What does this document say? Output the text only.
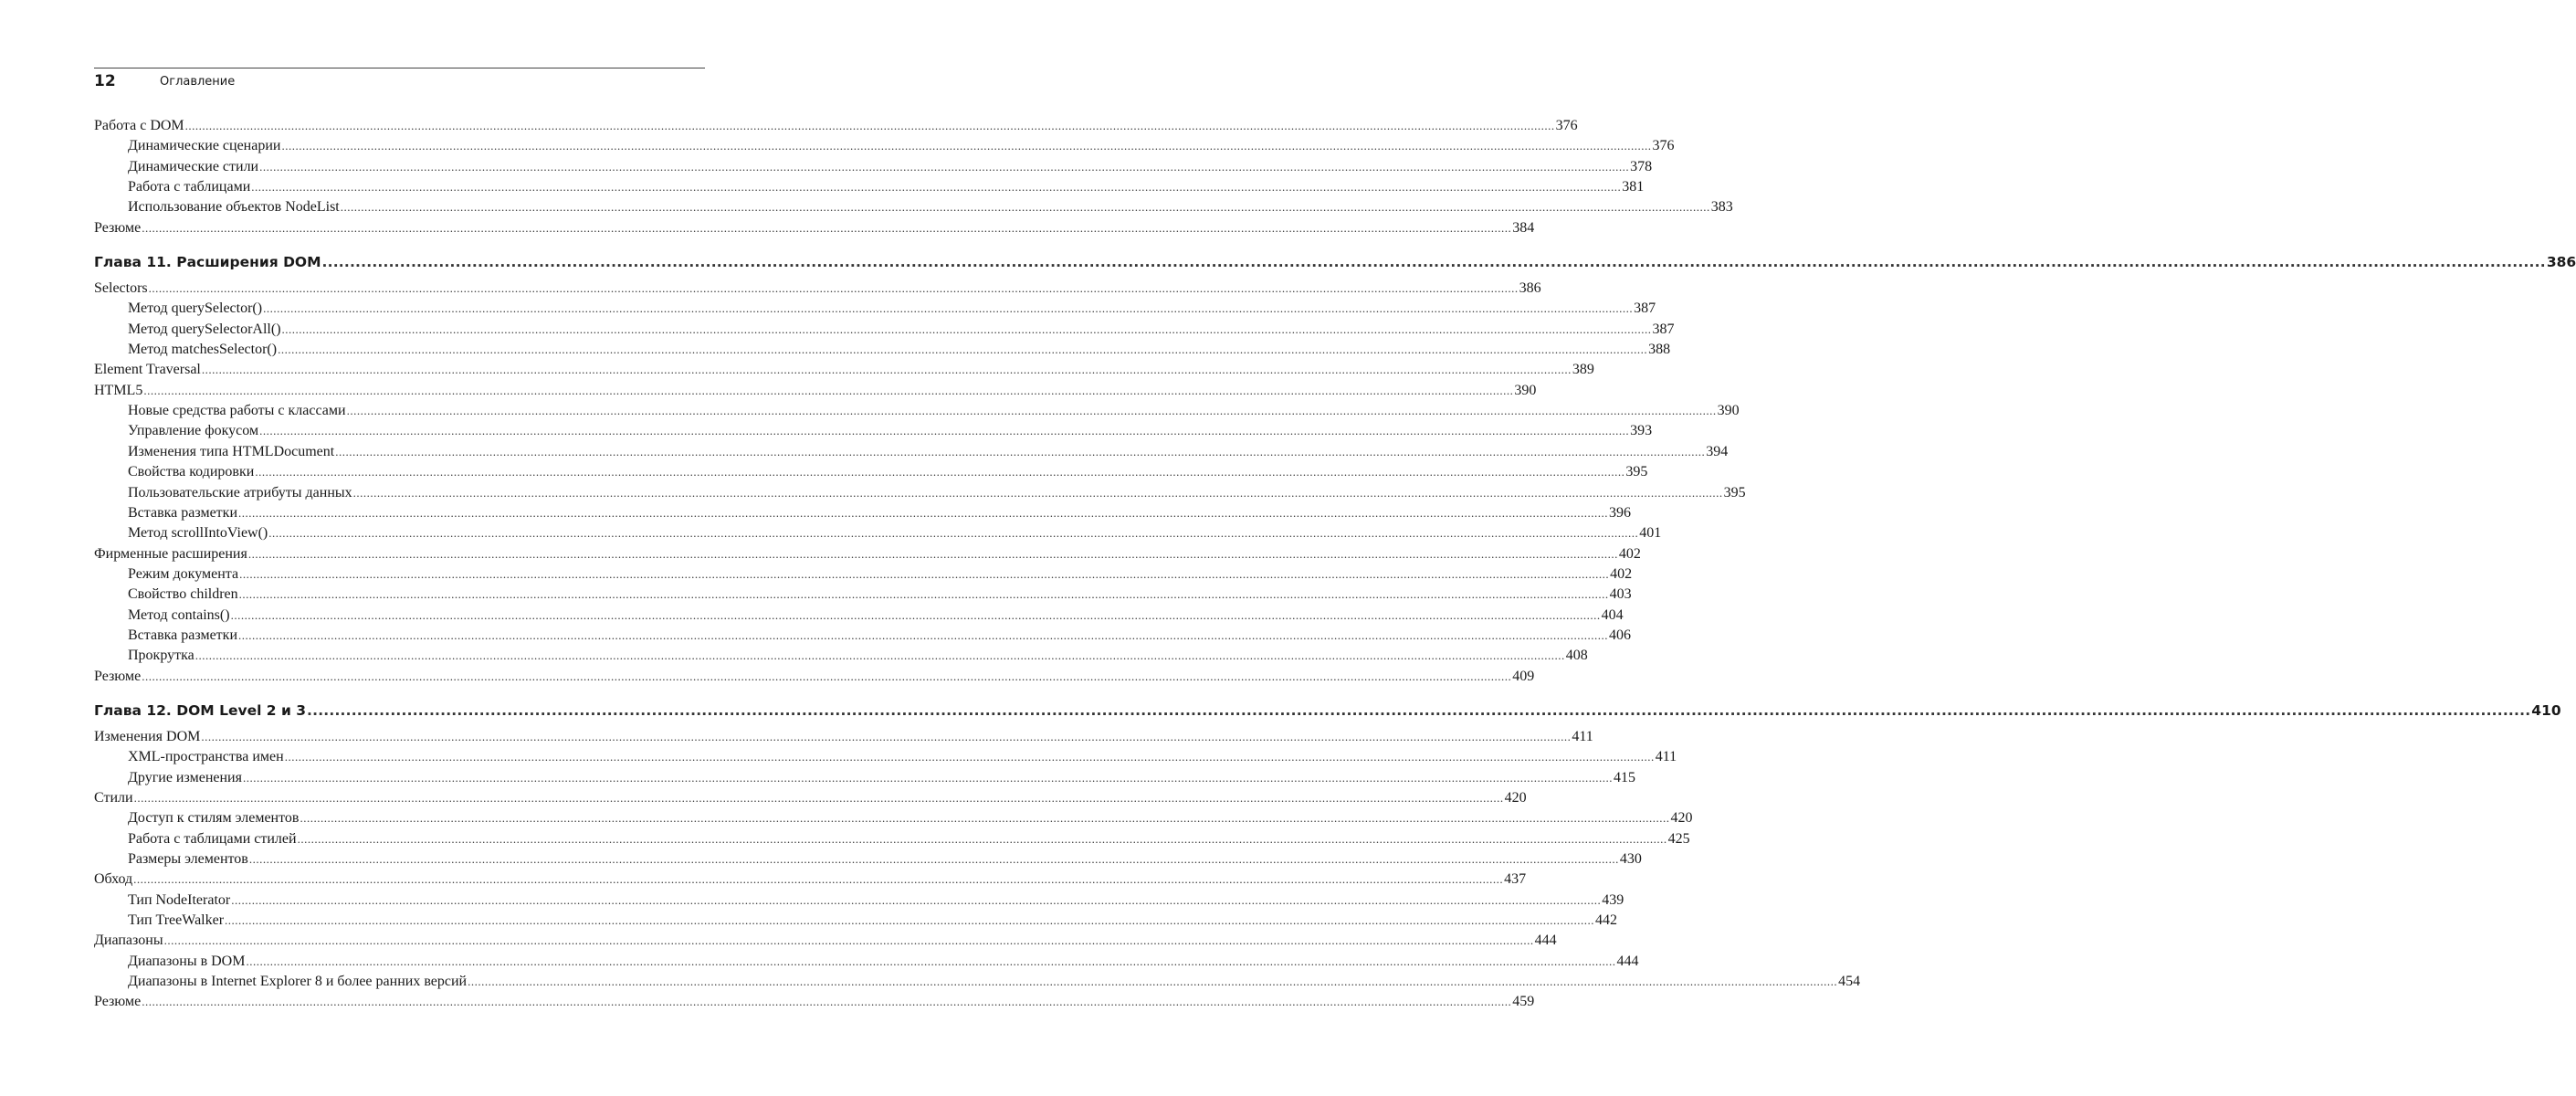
12	Оглавление
Работа с DOM ................................................................................................................................................................................................................................................................................................................................................................................................................ 376
Динамические сценарии ................................................................................................................................................................................................................................................................................................................................................................................................................ 376
Динамические стили ................................................................................................................................................................................................................................................................................................................................................................................................................ 378
Работа с таблицами ................................................................................................................................................................................................................................................................................................................................................................................................................ 381
Использование объектов NodeList ................................................................................................................................................................................................................................................................................................................................................................................................................ 383
Резюме ................................................................................................................................................................................................................................................................................................................................................................................................................ 384
Глава 11. Расширения DOM ................................................................................................................................................................................................................................................................................................................................................................................................................ 386
Selectors ................................................................................................................................................................................................................................................................................................................................................................................................................ 386
Метод querySelector() ................................................................................................................................................................................................................................................................................................................................................................................................................ 387
Метод querySelectorAll() ................................................................................................................................................................................................................................................................................................................................................................................................................ 387
Метод matchesSelector() ................................................................................................................................................................................................................................................................................................................................................................................................................ 388
Element Traversal ................................................................................................................................................................................................................................................................................................................................................................................................................ 389
HTML5 ................................................................................................................................................................................................................................................................................................................................................................................................................ 390
Новые средства работы с классами ................................................................................................................................................................................................................................................................................................................................................................................................................ 390
Управление фокусом ................................................................................................................................................................................................................................................................................................................................................................................................................ 393
Изменения типа HTMLDocument ................................................................................................................................................................................................................................................................................................................................................................................................................ 394
Свойства кодировки ................................................................................................................................................................................................................................................................................................................................................................................................................ 395
Пользовательские атрибуты данных ................................................................................................................................................................................................................................................................................................................................................................................................................ 395
Вставка разметки ................................................................................................................................................................................................................................................................................................................................................................................................................ 396
Метод scrollIntoView() ................................................................................................................................................................................................................................................................................................................................................................................................................ 401
Фирменные расширения ................................................................................................................................................................................................................................................................................................................................................................................................................ 402
Режим документа ................................................................................................................................................................................................................................................................................................................................................................................................................ 402
Свойство children ................................................................................................................................................................................................................................................................................................................................................................................................................ 403
Метод contains() ................................................................................................................................................................................................................................................................................................................................................................................................................ 404
Вставка разметки ................................................................................................................................................................................................................................................................................................................................................................................................................ 406
Прокрутка ................................................................................................................................................................................................................................................................................................................................................................................................................ 408
Резюме ................................................................................................................................................................................................................................................................................................................................................................................................................ 409
Глава 12. DOM Level 2 и 3 ................................................................................................................................................................................................................................................................................................................................................................................................................ 410
Изменения DOM ................................................................................................................................................................................................................................................................................................................................................................................................................ 411
XML-пространства имен ................................................................................................................................................................................................................................................................................................................................................................................................................ 411
Другие изменения ................................................................................................................................................................................................................................................................................................................................................................................................................ 415
Стили ................................................................................................................................................................................................................................................................................................................................................................................................................ 420
Доступ к стилям элементов ................................................................................................................................................................................................................................................................................................................................................................................................................ 420
Работа с таблицами стилей ................................................................................................................................................................................................................................................................................................................................................................................................................ 425
Размеры элементов ................................................................................................................................................................................................................................................................................................................................................................................................................ 430
Обход ................................................................................................................................................................................................................................................................................................................................................................................................................ 437
Тип NodeIterator ................................................................................................................................................................................................................................................................................................................................................................................................................ 439
Тип TreeWalker ................................................................................................................................................................................................................................................................................................................................................................................................................ 442
Диапазоны ................................................................................................................................................................................................................................................................................................................................................................................................................ 444
Диапазоны в DOM ................................................................................................................................................................................................................................................................................................................................................................................................................ 444
Диапазоны в Internet Explorer 8 и более ранних версий ................................................................................................................................................................................................................................................................................................................................................................................................................ 454
Резюме ................................................................................................................................................................................................................................................................................................................................................................................................................ 459
